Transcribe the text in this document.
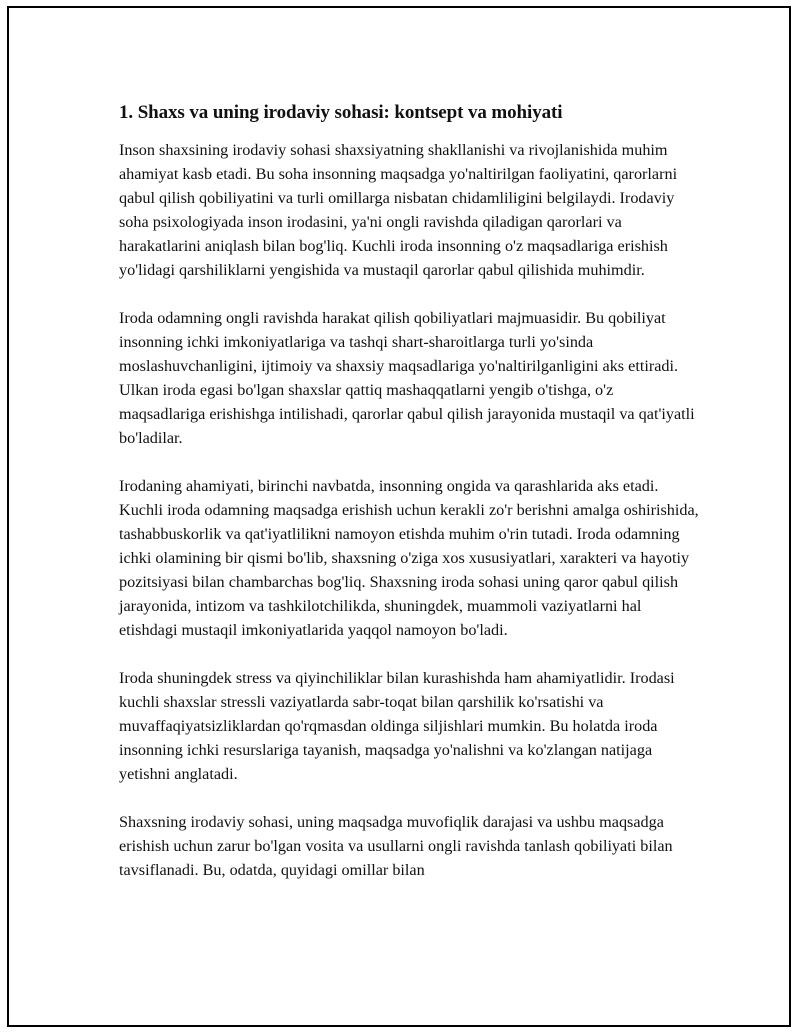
1. Shaxs va uning irodaviy sohasi: kontsept va mohiyati

Inson shaxsining irodaviy sohasi shaxsiyatning shakllanishi va rivojlanishida muhim ahamiyat kasb etadi. Bu soha insonning maqsadga yo'naltirilgan faoliyatini, qarorlarni qabul qilish qobiliyatini va turli omillarga nisbatan chidamliligini belgilaydi. Irodaviy soha psixologiyada inson irodasini, ya'ni ongli ravishda qiladigan qarorlari va harakatlarini aniqlash bilan bog'liq. Kuchli iroda insonning o'z maqsadlariga erishish yo'lidagi qarshiliklarni yengishida va mustaqil qarorlar qabul qilishida muhimdir.

Iroda odamning ongli ravishda harakat qilish qobiliyatlari majmuasidir. Bu qobiliyat insonning ichki imkoniyatlariga va tashqi shart-sharoitlarga turli yo'sinda moslashuvchanligini, ijtimoiy va shaxsiy maqsadlariga yo'naltirilganligini aks ettiradi. Ulkan iroda egasi bo'lgan shaxslar qattiq mashaqqatlarni yengib o'tishga, o'z maqsadlariga erishishga intilishadi, qarorlar qabul qilish jarayonida mustaqil va qat'iyatli bo'ladilar.

Irodaning ahamiyati, birinchi navbatda, insonning ongida va qarashlarida aks etadi. Kuchli iroda odamning maqsadga erishish uchun kerakli zo'r berishni amalga oshirishida, tashabbuskorlik va qat'iyatlilikni namoyon etishda muhim o'rin tutadi. Iroda odamning ichki olamining bir qismi bo'lib, shaxsning o'ziga xos xususiyatlari, xarakteri va hayotiy pozitsiyasi bilan chambarchas bog'liq. Shaxsning iroda sohasi uning qaror qabul qilish jarayonida, intizom va tashkilotchilikda, shuningdek, muammoli vaziyatlarni hal etishdagi mustaqil imkoniyatlarida yaqqol namoyon bo'ladi.

Iroda shuningdek stress va qiyinchiliklar bilan kurashishda ham ahamiyatlidir. Irodasi kuchli shaxslar stressli vaziyatlarda sabr-toqat bilan qarshilik ko'rsatishi va muvaffaqiyatsizliklardan qo'rqmasdan oldinga siljishlari mumkin. Bu holatda iroda insonning ichki resurslariga tayanish, maqsadga yo'nalishni va ko'zlangan natijaga yetishni anglatadi.

Shaxsning irodaviy sohasi, uning maqsadga muvofiqlik darajasi va ushbu maqsadga erishish uchun zarur bo'lgan vosita va usullarni ongli ravishda tanlash qobiliyati bilan tavsiflanadi. Bu, odatda, quyidagi omillar bilan
